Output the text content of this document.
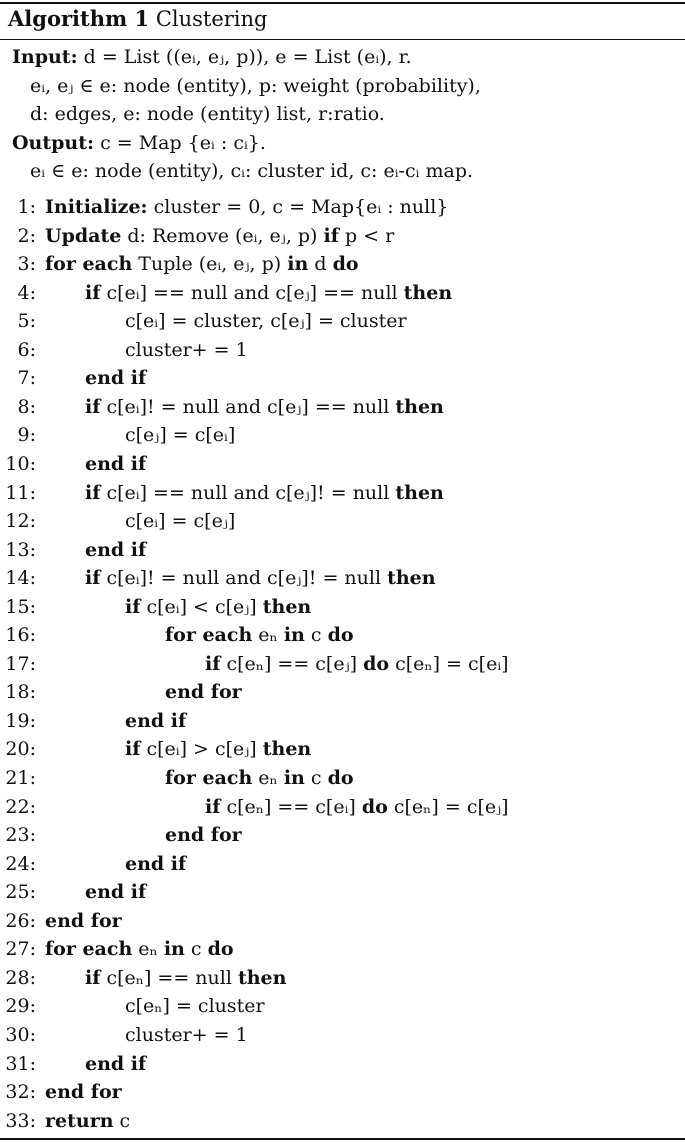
Algorithm 1 Clustering
Input: d = List ((eᵢ, eⱼ, p)), e = List (eᵢ), r.
eᵢ, eⱼ ∈ e: node (entity), p: weight (probability),
d: edges, e: node (entity) list, r:ratio.
Output: c = Map {eᵢ : cᵢ}.
eᵢ ∈ e: node (entity), cᵢ: cluster id, c: eᵢ-cᵢ map.
1: Initialize: cluster = 0, c = Map{eᵢ : null}
2: Update d: Remove (eᵢ, eⱼ, p) if p < r
3: for each Tuple (eᵢ, eⱼ, p) in d do
4:	if c[eᵢ] == null and c[eⱼ] == null then
5:	c[eᵢ] = cluster, c[eⱼ] = cluster
6:	cluster+ = 1
7:	end if
8:	if c[eᵢ]! = null and c[eⱼ] == null then
9:	c[eⱼ] = c[eᵢ]
10:	end if
11:	if c[eᵢ] == null and c[eⱼ]! = null then
12:	c[eᵢ] = c[eⱼ]
13:	end if
14:	if c[eᵢ]! = null and c[eⱼ]! = null then
15:	if c[eᵢ] < c[eⱼ] then
16:	for each eₙ in c do
17:	if c[eₙ] == c[eⱼ] do c[eₙ] = c[eᵢ]
18:	end for
19:	end if
20:	if c[eᵢ] > c[eⱼ] then
21:	for each eₙ in c do
22:	if c[eₙ] == c[eᵢ] do c[eₙ] = c[eⱼ]
23:	end for
24:	end if
25:	end if
26: end for
27: for each eₙ in c do
28:	if c[eₙ] == null then
29:	c[eₙ] = cluster
30:	cluster+ = 1
31:	end if
32: end for
33: return c
